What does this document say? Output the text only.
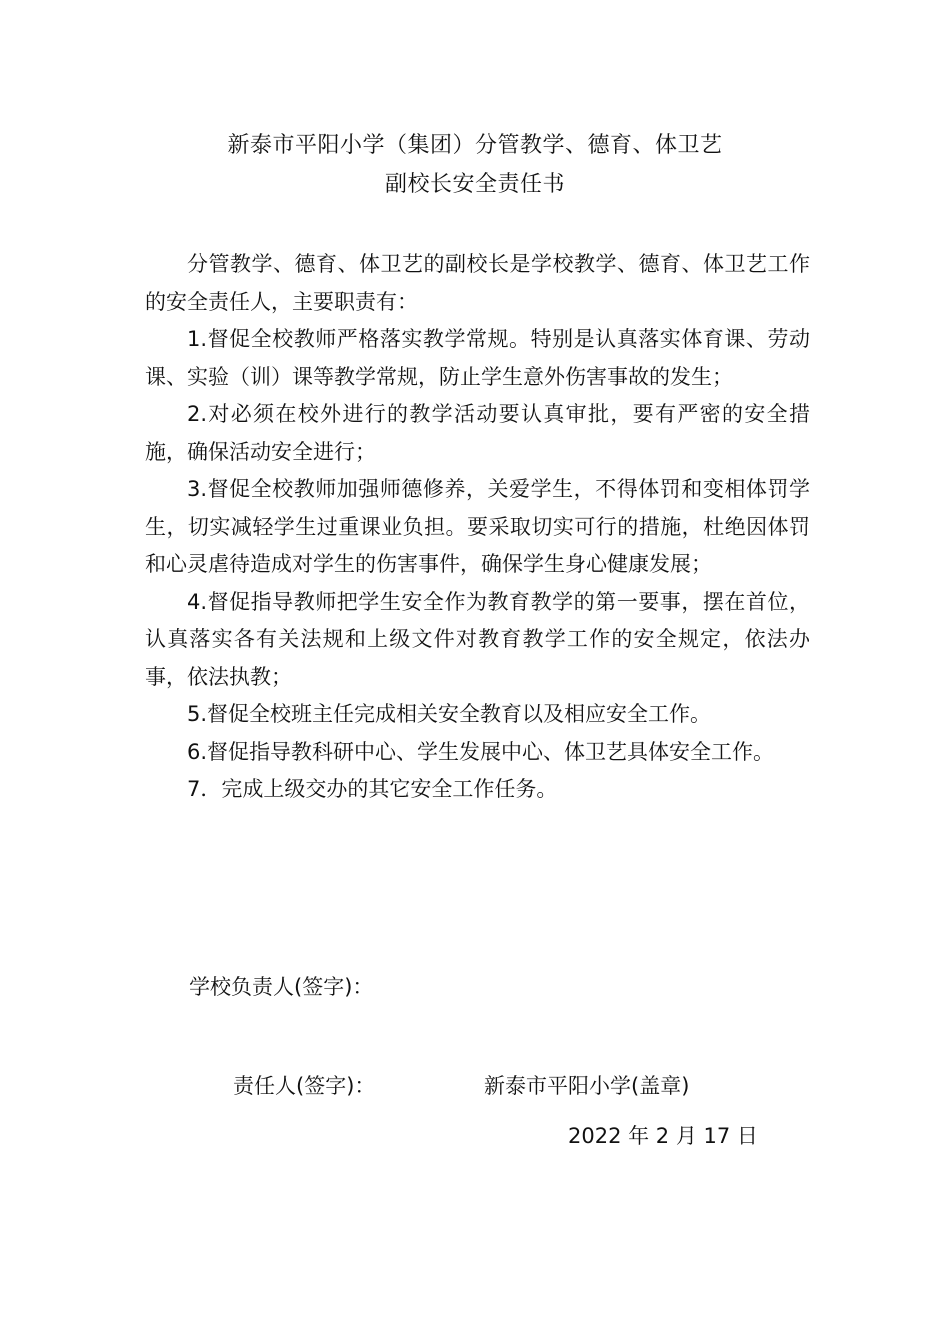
新泰市平阳小学（集团）分管教学、德育、体卫艺
副校长安全责任书

分管教学、德育、体卫艺的副校长是学校教学、德育、体卫艺工作的安全责任人，主要职责有：

1.督促全校教师严格落实教学常规。特别是认真落实体育课、劳动课、实验（训）课等教学常规，防止学生意外伤害事故的发生；

2.对必须在校外进行的教学活动要认真审批，要有严密的安全措施，确保活动安全进行；

3.督促全校教师加强师德修养，关爱学生，不得体罚和变相体罚学生，切实减轻学生过重课业负担。要采取切实可行的措施，杜绝因体罚和心灵虐待造成对学生的伤害事件，确保学生身心健康发展；

4.督促指导教师把学生安全作为教育教学的第一要事，摆在首位，认真落实各有关法规和上级文件对教育教学工作的安全规定，依法办事，依法执教；

5.督促全校班主任完成相关安全教育以及相应安全工作。

6.督促指导教科研中心、学生发展中心、体卫艺具体安全工作。

7．完成上级交办的其它安全工作任务。

学校负责人(签字)：
责任人(签字)：	新泰市平阳小学(盖章)
2022 年 2 月 17 日
